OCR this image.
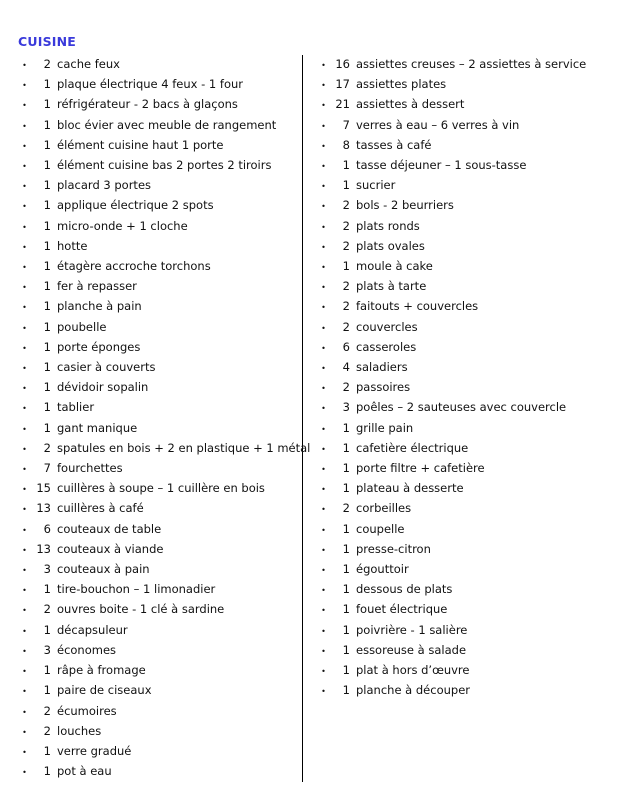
CUISINE
•	2 cache feux
•	1 plaque électrique 4 feux - 1 four
•	1 réfrigérateur - 2 bacs à glaçons
•	1 bloc évier avec meuble de rangement
•	1 élément cuisine haut 1 porte
•	1 élément cuisine bas 2 portes 2 tiroirs
•	1 placard 3 portes
•	1 applique électrique 2 spots
•	1 micro-onde + 1 cloche
•	1 hotte
•	1 étagère accroche torchons
•	1 fer à repasser
•	1 planche à pain
•	1 poubelle
•	1 porte éponges
•	1 casier à couverts
•	1 dévidoir sopalin
•	1 tablier
•	1 gant manique
•	2 spatules en bois + 2 en plastique + 1 métal
•	7 fourchettes
• 15 cuillères à soupe – 1 cuillère en bois
• 13 cuillères à café
•	6 couteaux de table
• 13 couteaux à viande
•	3 couteaux à pain
•	1 tire-bouchon – 1 limonadier
•	2 ouvres boite - 1 clé à sardine
•	1 décapsuleur
•	3 économes
•	1 râpe à fromage
•	1 paire de ciseaux
•	2 écumoires
•	2 louches
•	1 verre gradué
•	1 pot à eau
• 16 assiettes creuses – 2 assiettes à service
• 17 assiettes plates
• 21 assiettes à dessert
•	7 verres à eau – 6 verres à vin
•	8 tasses à café
•	1 tasse déjeuner – 1 sous-tasse
•	1 sucrier
•	2 bols - 2 beurriers
•	2 plats ronds
•	2 plats ovales
•	1 moule à cake
•	2 plats à tarte
•	2 faitouts + couvercles
•	2 couvercles
•	6 casseroles
•	4 saladiers
•	2 passoires
•	3 poêles – 2 sauteuses avec couvercle
•	1 grille pain
•	1 cafetière électrique
•	1 porte filtre + cafetière
•	1 plateau à desserte
•	2 corbeilles
•	1 coupelle
•	1 presse-citron
•	1 égouttoir
•	1 dessous de plats
•	1 fouet électrique
•	1 poivrière - 1 salière
•	1 essoreuse à salade
•	1 plat à hors d’œuvre
•	1 planche à découper
